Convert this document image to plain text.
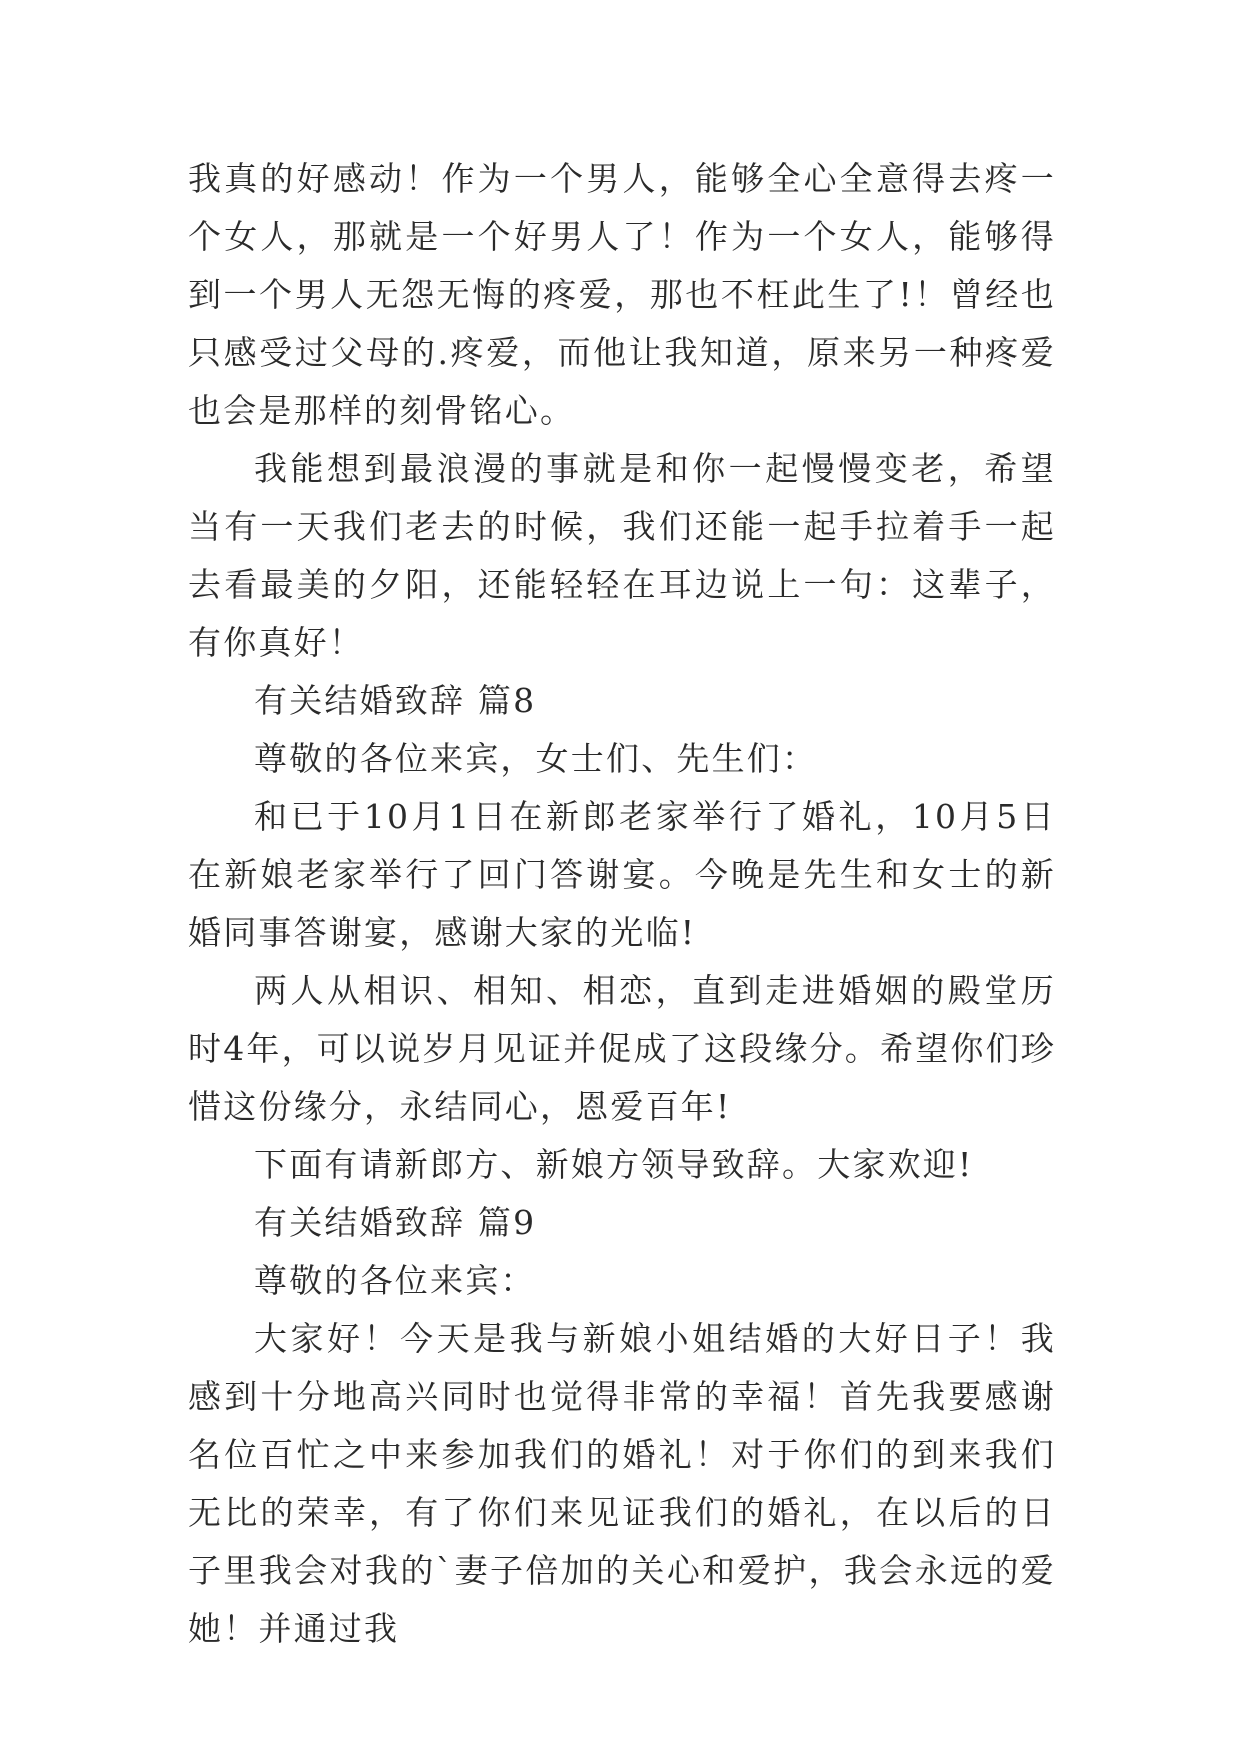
我真的好感动！作为一个男人，能够全心全意得去疼一个女人，那就是一个好男人了！作为一个女人，能够得到一个男人无怨无悔的疼爱，那也不枉此生了!！曾经也只感受过父母的.疼爱，而他让我知道，原来另一种疼爱也会是那样的刻骨铭心。

我能想到最浪漫的事就是和你一起慢慢变老，希望当有一天我们老去的时候，我们还能一起手拉着手一起去看最美的夕阳，还能轻轻在耳边说上一句：这辈子，有你真好！

有关结婚致辞 篇8

尊敬的各位来宾，女士们、先生们：

和已于10月1日在新郎老家举行了婚礼，10月5日在新娘老家举行了回门答谢宴。今晚是先生和女士的新婚同事答谢宴，感谢大家的光临!

两人从相识、相知、相恋，直到走进婚姻的殿堂历时4年，可以说岁月见证并促成了这段缘分。希望你们珍惜这份缘分，永结同心，恩爱百年!

下面有请新郎方、新娘方领导致辞。大家欢迎!

有关结婚致辞 篇9

尊敬的各位来宾：

大家好！今天是我与新娘小姐结婚的大好日子！我感到十分地高兴同时也觉得非常的幸福！首先我要感谢名位百忙之中来参加我们的婚礼！对于你们的到来我们无比的荣幸，有了你们来见证我们的婚礼，在以后的日子里我会对我的`妻子倍加的关心和爱护，我会永远的爱她！并通过我
